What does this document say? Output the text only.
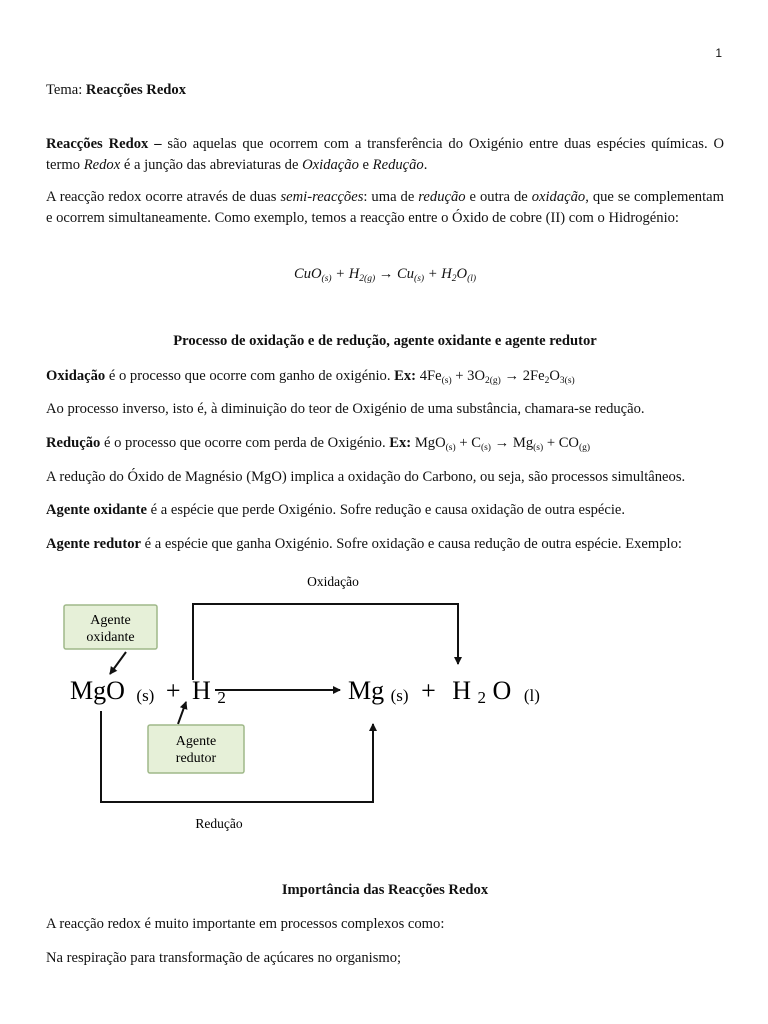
1

Tema: Reacções Redox

Reacções Redox – são aquelas que ocorrem com a transferência do Oxigénio entre duas espécies químicas. O termo Redox é a junção das abreviaturas de Oxidação e Redução.

A reacção redox ocorre através de duas semi-reacções: uma de redução e outra de oxidação, que se complementam e ocorrem simultaneamente. Como exemplo, temos a reacção entre o Óxido de cobre (II) com o Hidrogénio:

$CuO_{(s)} + H_{2(g)} \to Cu_{(s)} + H_2O_{(l)}$

Processo de oxidação e de redução, agente oxidante e agente redutor

Oxidação é o processo que ocorre com ganho de oxigénio. Ex: $4Fe_{(s)} + 3O_{2(g)} \to 2Fe_2O_{3(s)}$

Ao processo inverso, isto é, à diminuição do teor de Oxigénio de uma substância, chamara-se redução.

Redução é o processo que ocorre com perda de Oxigénio. Ex: $MgO_{(s)} + C_{(s)} \to Mg_{(s)} + CO_{(g)}$

A redução do Óxido de Magnésio (MgO) implica a oxidação do Carbono, ou seja, são processos simultâneos.

Agente oxidante é a espécie que perde Oxigénio. Sofre redução e causa oxidação de outra espécie.

Agente redutor é a espécie que ganha Oxigénio. Sofre oxidação e causa redução de outra espécie. Exemplo:

Oxidação
Agente
oxidante
MgO (s) + H 2	Mg (s) + H 2 O (l)
Agente
redutor
Redução

Importância das Reacções Redox

A reacção redox é muito importante em processos complexos como:

Na respiração para transformação de açúcares no organismo;
